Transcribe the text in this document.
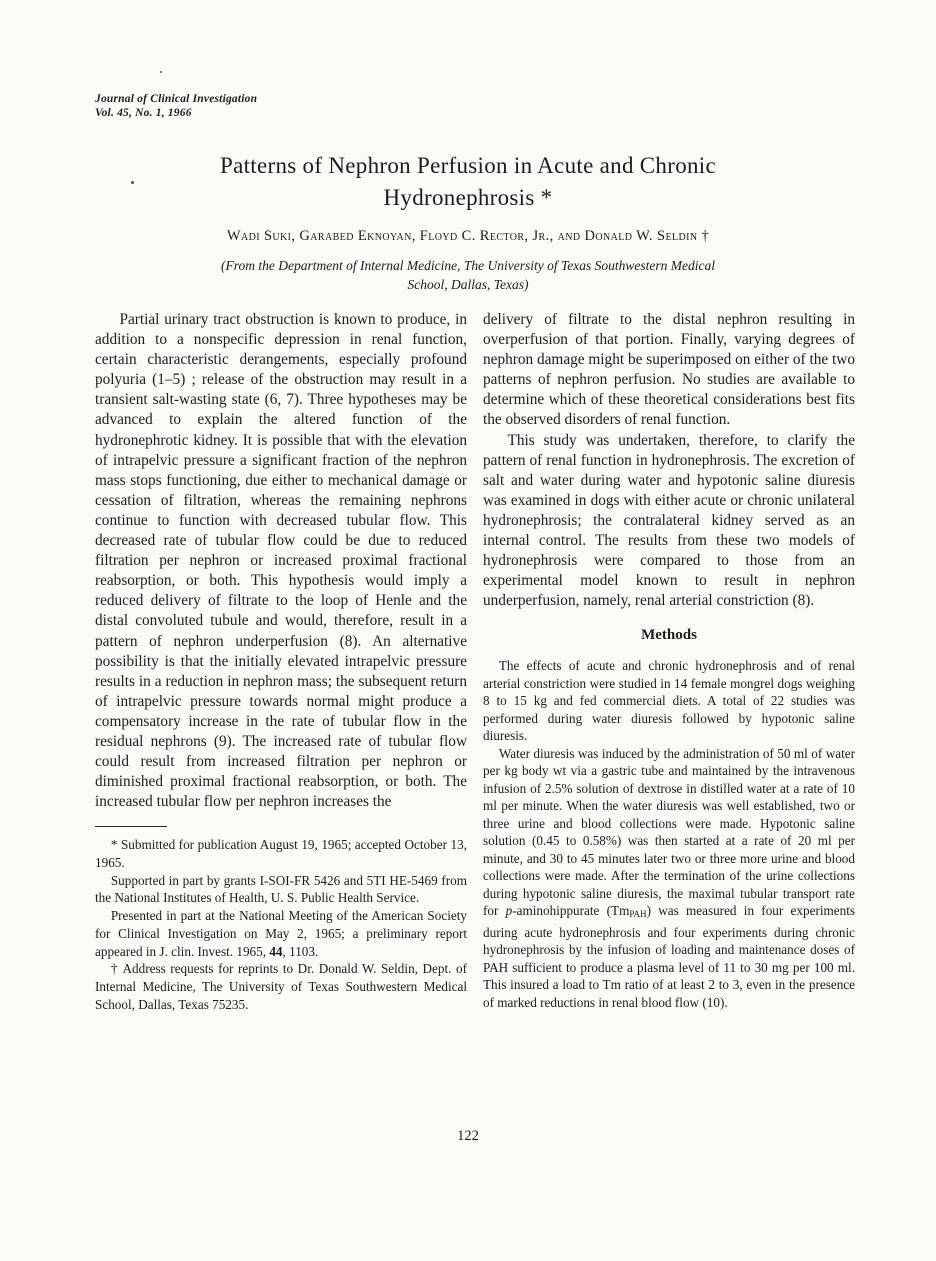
Journal of Clinical Investigation
Vol. 45, No. 1, 1966
Patterns of Nephron Perfusion in Acute and Chronic
Hydronephrosis *
Wadi Suki, Garabed Eknoyan, Floyd C. Rector, Jr., and Donald W. Seldin †
(From the Department of Internal Medicine, The University of Texas Southwestern Medical
School, Dallas, Texas)

Partial urinary tract obstruction is known to produce, in addition to a nonspecific depression in renal function, certain characteristic derangements, especially profound polyuria (1–5) ; release of the obstruction may result in a transient salt-wasting state (6, 7). Three hypotheses may be advanced to explain the altered function of the hydronephrotic kidney. It is possible that with the elevation of intrapelvic pressure a significant fraction of the nephron mass stops functioning, due either to mechanical damage or cessation of filtration, whereas the remaining nephrons continue to function with decreased tubular flow. This decreased rate of tubular flow could be due to reduced filtration per nephron or increased proximal fractional reabsorption, or both. This hypothesis would imply a reduced delivery of filtrate to the loop of Henle and the distal convoluted tubule and would, therefore, result in a pattern of nephron underperfusion (8). An alternative possibility is that the initially elevated intrapelvic pressure results in a reduction in nephron mass; the subsequent return of intrapelvic pressure towards normal might produce a compensatory increase in the rate of tubular flow in the residual nephrons (9). The increased rate of tubular flow could result from increased filtration per nephron or diminished proximal fractional reabsorption, or both. The increased tubular flow per nephron increases the

* Submitted for publication August 19, 1965; accepted October 13, 1965.

Supported in part by grants I-SOI-FR 5426 and 5TI HE-5469 from the National Institutes of Health, U. S. Public Health Service.

Presented in part at the National Meeting of the American Society for Clinical Investigation on May 2, 1965; a preliminary report appeared in J. clin. Invest. 1965, 44, 1103.

† Address requests for reprints to Dr. Donald W. Seldin, Dept. of Internal Medicine, The University of Texas Southwestern Medical School, Dallas, Texas 75235.

delivery of filtrate to the distal nephron resulting in overperfusion of that portion. Finally, varying degrees of nephron damage might be superimposed on either of the two patterns of nephron perfusion. No studies are available to determine which of these theoretical considerations best fits the observed disorders of renal function.

This study was undertaken, therefore, to clarify the pattern of renal function in hydronephrosis. The excretion of salt and water during water and hypotonic saline diuresis was examined in dogs with either acute or chronic unilateral hydronephrosis; the contralateral kidney served as an internal control. The results from these two models of hydronephrosis were compared to those from an experimental model known to result in nephron underperfusion, namely, renal arterial constriction (8).

Methods

The effects of acute and chronic hydronephrosis and of renal arterial constriction were studied in 14 female mongrel dogs weighing 8 to 15 kg and fed commercial diets. A total of 22 studies was performed during water diuresis followed by hypotonic saline diuresis.

Water diuresis was induced by the administration of 50 ml of water per kg body wt via a gastric tube and maintained by the intravenous infusion of 2.5% solution of dextrose in distilled water at a rate of 10 ml per minute. When the water diuresis was well established, two or three urine and blood collections were made. Hypotonic saline solution (0.45 to 0.58%) was then started at a rate of 20 ml per minute, and 30 to 45 minutes later two or three more urine and blood collections were made. After the termination of the urine collections during hypotonic saline diuresis, the maximal tubular transport rate for p-aminohippurate $(Tm_{PAH})$ was measured in four experiments during acute hydronephrosis and four experiments during chronic hydronephrosis by the infusion of loading and maintenance doses of PAH sufficient to produce a plasma level of 11 to 30 mg per 100 ml. This insured a load to Tm ratio of at least 2 to 3, even in the presence of marked reductions in renal blood flow (10).

122
